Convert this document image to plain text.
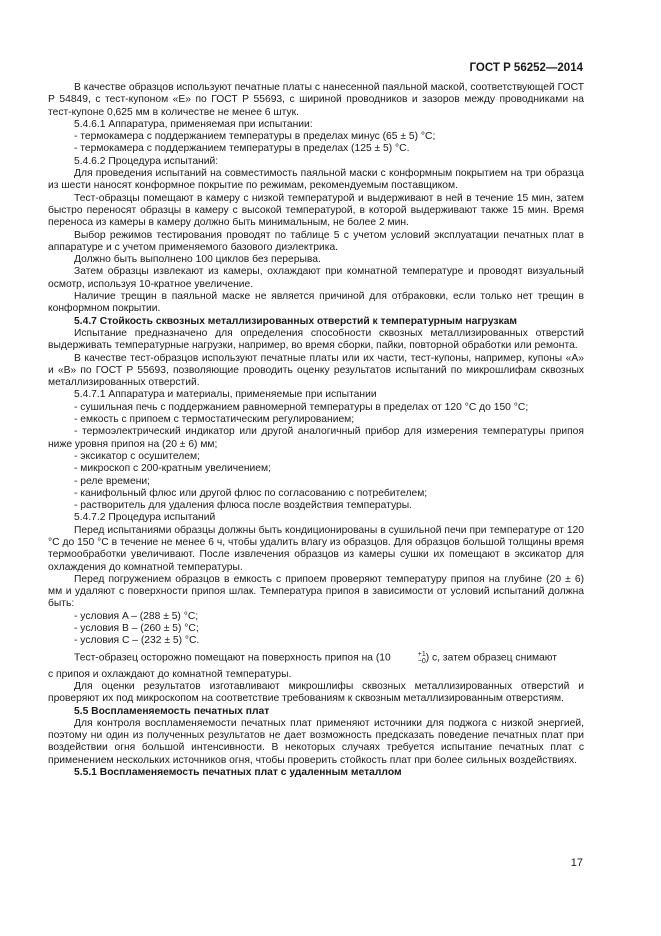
ГОСТ Р 56252—2014

В качестве образцов используют печатные платы с нанесенной паяльной маской, соответствующей ГОСТ Р 54849, с тест-купоном «E» по ГОСТ Р 55693, с шириной проводников и зазоров между проводниками на тест-купоне 0,625 мм в количестве не менее 6 штук.

5.4.6.1 Аппаратура, применяемая при испытании:

- термокамера с поддержанием температуры в пределах минус (65 ± 5) °C;

- термокамера с поддержанием температуры в пределах (125 ± 5) °C.

5.4.6.2 Процедура испытаний:

Для проведения испытаний на совместимость паяльной маски с конформным покрытием на три образца из шести наносят конформное покрытие по режимам, рекомендуемым поставщиком.

Тест-образцы помещают в камеру с низкой температурой и выдерживают в ней в течение 15 мин, затем быстро переносят образцы в камеру с высокой температурой, в которой выдерживают также 15 мин. Время переноса из камеры в камеру должно быть минимальным, не более 2 мин.

Выбор режимов тестирования проводят по таблице 5 с учетом условий эксплуатации печатных плат в аппаратуре и с учетом применяемого базового диэлектрика.

Должно быть выполнено 100 циклов без перерыва.

Затем образцы извлекают из камеры, охлаждают при комнатной температуре и проводят визуальный осмотр, используя 10-кратное увеличение.

Наличие трещин в паяльной маске не является причиной для отбраковки, если только нет трещин в конформном покрытии.

5.4.7 Стойкость сквозных металлизированных отверстий к температурным нагрузкам

Испытание предназначено для определения способности сквозных металлизированных отверстий выдерживать температурные нагрузки, например, во время сборки, пайки, повторной обработки или ремонта.

В качестве тест-образцов используют печатные платы или их части, тест-купоны, например, купоны «A» и «B» по ГОСТ Р 55693, позволяющие проводить оценку результатов испытаний по микрошлифам сквозных металлизированных отверстий.

5.4.7.1 Аппаратура и материалы, применяемые при испытании

- сушильная печь с поддержанием равномерной температуры в пределах от 120 °C до 150 °C;

- емкость с припоем с термостатическим регулированием;

- термоэлектрический индикатор или другой аналогичный прибор для измерения температуры припоя ниже уровня припоя на (20 ± 6) мм;

- эксикатор с осушителем;

- микроскоп с 200-кратным увеличением;

- реле времени;

- канифольный флюс или другой флюс по согласованию с потребителем;

- растворитель для удаления флюса после воздействия температуры.

5.4.7.2 Процедура испытаний

Перед испытаниями образцы должны быть кондиционированы в сушильной печи при температуре от 120 °C до 150 °C в течение не менее 6 ч, чтобы удалить влагу из образцов. Для образцов большой толщины время термообработки увеличивают. После извлечения образцов из камеры сушки их помещают в эксикатор для охлаждения до комнатной температуры.

Перед погружением образцов в емкость с припоем проверяют температуру припоя на глубине (20 ± 6) мм и удаляют с поверхности припоя шлак. Температура припоя в зависимости от условий испытаний должна быть:

- условия A – (288 ± 5) °C;

- условия B – (260 ± 5) °C;

- условия C – (232 ± 5) °C.

Тест-образец осторожно помещают на поверхность припоя на (10	+1
−0 ) с, затем образец снимают

с припоя и охлаждают до комнатной температуры.

Для оценки результатов изготавливают микрошлифы сквозных металлизированных отверстий и проверяют их под микроскопом на соответствие требованиям к сквозным металлизированным отверстиям.

5.5 Воспламеняемость печатных плат

Для контроля воспламеняемости печатных плат применяют источники для поджога с низкой энергией, поэтому ни один из полученных результатов не дает возможность предсказать поведение печатных плат при воздействии огня большой интенсивности. В некоторых случаях требуется испытание печатных плат с применением нескольких источников огня, чтобы проверить стойкость плат при более сильных воздействиях.

5.5.1 Воспламеняемость печатных плат с удаленным металлом

17
